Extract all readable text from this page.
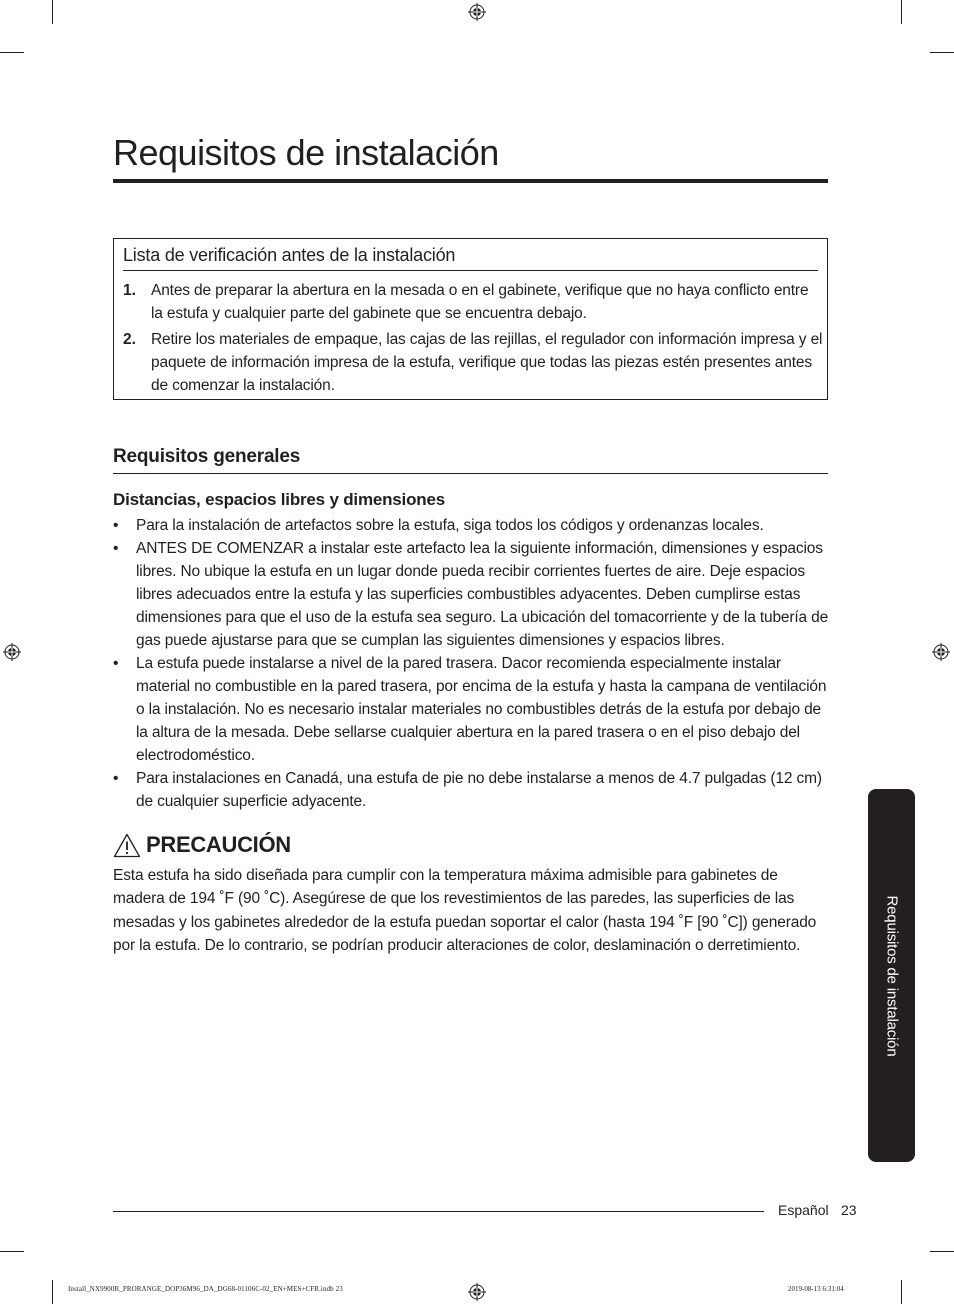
Requisitos de instalación
Lista de verificación antes de la instalación
1. Antes de preparar la abertura en la mesada o en el gabinete, verifique que no haya conflicto entre la estufa y cualquier parte del gabinete que se encuentra debajo.
2. Retire los materiales de empaque, las cajas de las rejillas, el regulador con información impresa y el paquete de información impresa de la estufa, verifique que todas las piezas estén presentes antes de comenzar la instalación.
Requisitos generales
Distancias, espacios libres y dimensiones
• Para la instalación de artefactos sobre la estufa, siga todos los códigos y ordenanzas locales.
• ANTES DE COMENZAR a instalar este artefacto lea la siguiente información, dimensiones y espacios libres. No ubique la estufa en un lugar donde pueda recibir corrientes fuertes de aire. Deje espacios libres adecuados entre la estufa y las superficies combustibles adyacentes. Deben cumplirse estas dimensiones para que el uso de la estufa sea seguro. La ubicación del tomacorriente y de la tubería de gas puede ajustarse para que se cumplan las siguientes dimensiones y espacios libres.
• La estufa puede instalarse a nivel de la pared trasera. Dacor recomienda especialmente instalar material no combustible en la pared trasera, por encima de la estufa y hasta la campana de ventilación o la instalación. No es necesario instalar materiales no combustibles detrás de la estufa por debajo de la altura de la mesada. Debe sellarse cualquier abertura en la pared trasera o en el piso debajo del electrodoméstico.
• Para instalaciones en Canadá, una estufa de pie no debe instalarse a menos de 4.7 pulgadas (12 cm) de cualquier superficie adyacente.
PRECAUCIÓN

Esta estufa ha sido diseñada para cumplir con la temperatura máxima admisible para gabinetes de madera de 194 ˚F (90 ˚C). Asegúrese de que los revestimientos de las paredes, las superficies de las mesadas y los gabinetes alrededor de la estufa puedan soportar el calor (hasta 194 ˚F [90 ˚C]) generado por la estufa. De lo contrario, se podrían producir alteraciones de color, deslaminación o derretimiento.	Requisitos de instalación
Español 23
Install_NX9900R_PRORANGE_DOP36M96_DA_DG68-01106C-02_EN+MES+CFR.indb 23	2019-08-13 6:31:04
